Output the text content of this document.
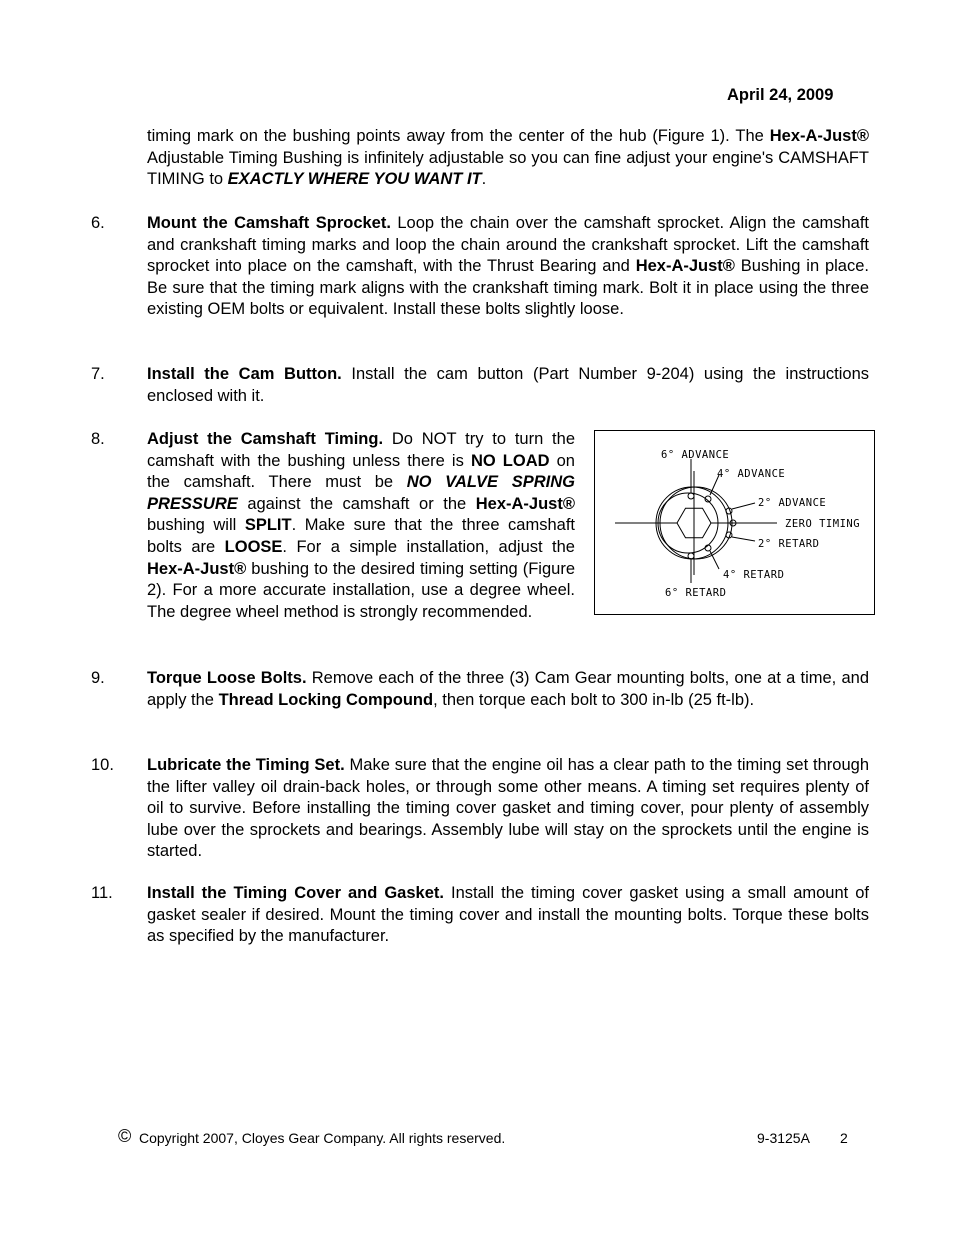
April 24, 2009
timing mark on the bushing points away from the center of the hub (Figure 1). The Hex-A-Just® Adjustable Timing Bushing is infinitely adjustable so you can fine adjust your engine's CAMSHAFT TIMING to EXACTLY WHERE YOU WANT IT.
6.	Mount the Camshaft Sprocket. Loop the chain over the camshaft sprocket. Align the camshaft and crankshaft timing marks and loop the chain around the crankshaft sprocket. Lift the camshaft sprocket into place on the camshaft, with the Thrust Bearing and Hex-A-Just® Bushing in place. Be sure that the timing mark aligns with the crankshaft timing mark. Bolt it in place using the three existing OEM bolts or equivalent. Install these bolts slightly loose.
7.	Install the Cam Button. Install the cam button (Part Number 9-204) using the instructions enclosed with it.
8.	Adjust the Camshaft Timing. Do NOT try to turn the camshaft with the bushing unless there is NO LOAD on the camshaft. There must be NO VALVE SPRING PRESSURE against the camshaft or the Hex-A-Just® bushing will SPLIT. Make sure that the three camshaft bolts are LOOSE. For a simple installation, adjust the Hex-A-Just® bushing to the desired timing setting (Figure 2). For a more accurate installation, use a degree wheel. The degree wheel method is strongly recommended.
6° ADVANCE
4° ADVANCE
2° ADVANCE
ZERO TIMING
2° RETARD
4° RETARD
6° RETARD
9.	Torque Loose Bolts. Remove each of the three (3) Cam Gear mounting bolts, one at a time, and apply the Thread Locking Compound, then torque each bolt to 300 in-lb (25 ft-lb).
10. Lubricate the Timing Set. Make sure that the engine oil has a clear path to the timing set through the lifter valley oil drain-back holes, or through some other means. A timing set requires plenty of oil to survive. Before installing the timing cover gasket and timing cover, pour plenty of assembly lube over the sprockets and bearings. Assembly lube will stay on the sprockets until the engine is started.
11. Install the Timing Cover and Gasket. Install the timing cover gasket using a small amount of gasket sealer if desired. Mount the timing cover and install the mounting bolts. Torque these bolts as specified by the manufacturer.
© Copyright 2007, Cloyes Gear Company. All rights reserved.	9-3125A 2
